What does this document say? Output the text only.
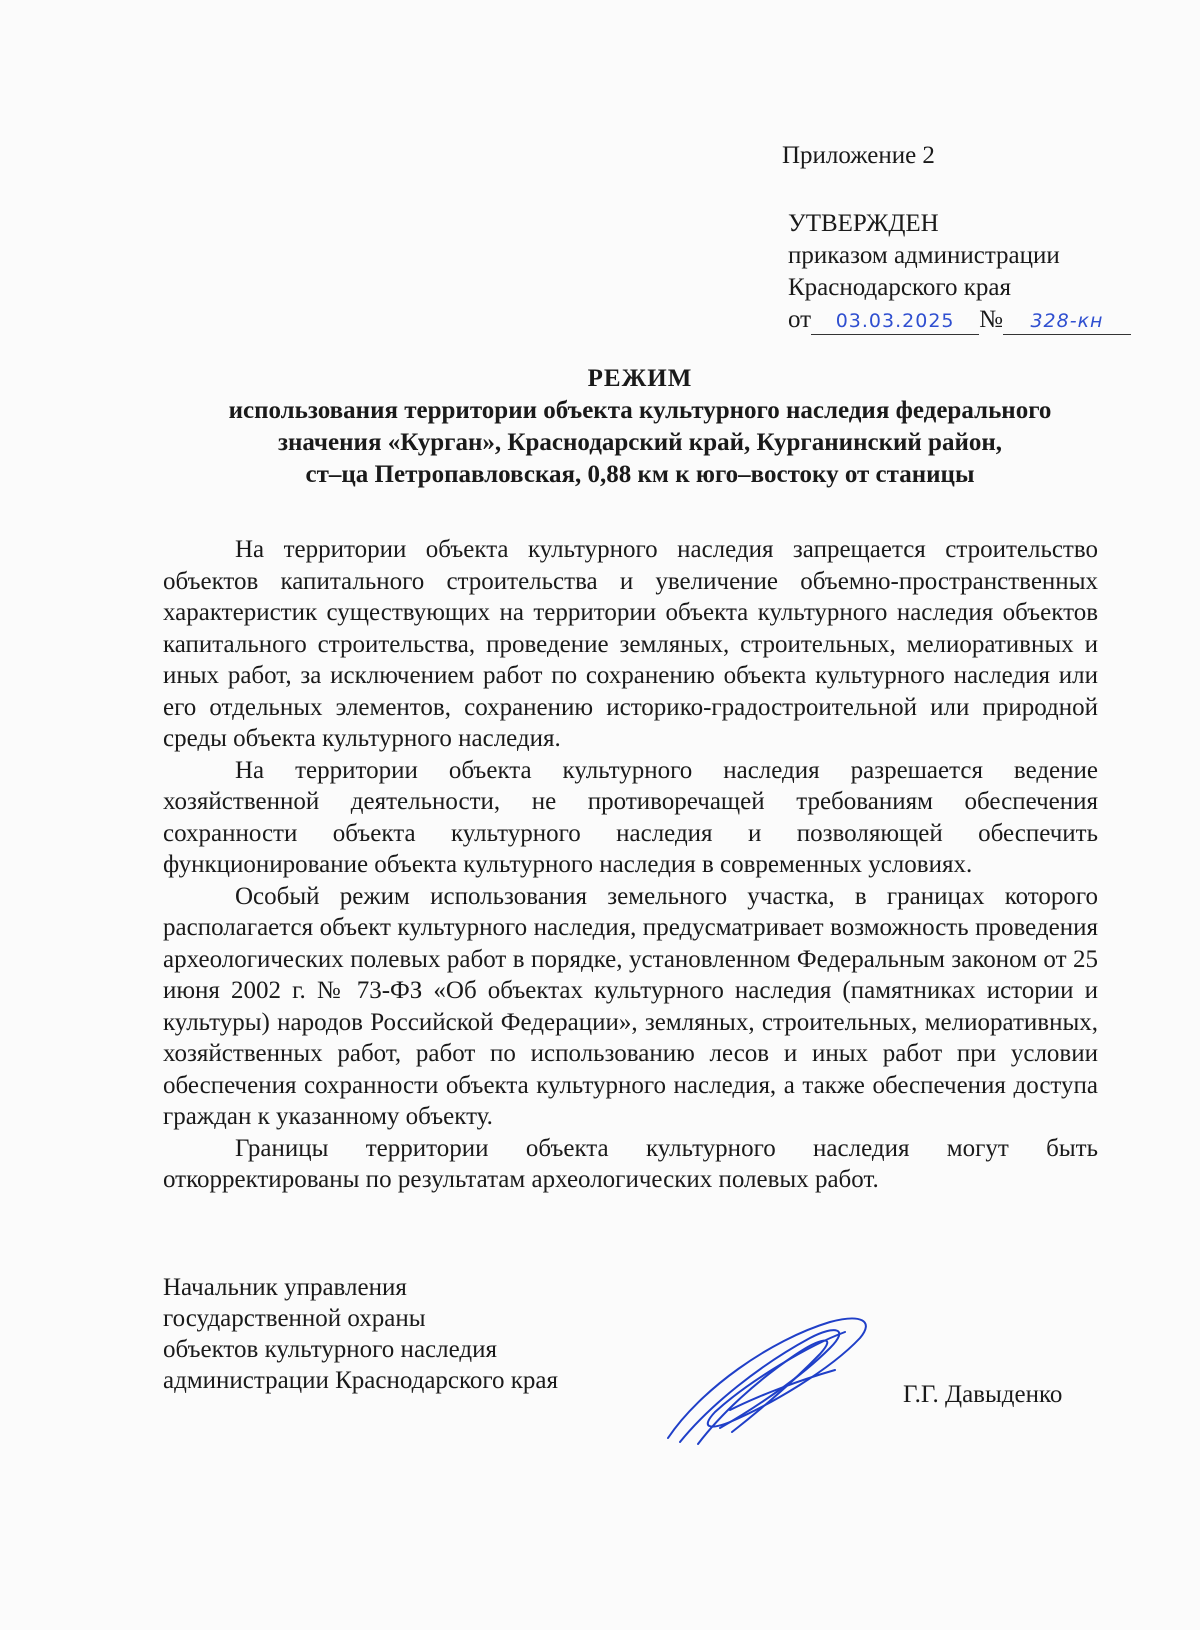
Приложение 2
УТВЕРЖДЕН
приказом администрации
Краснодарского края
от 03.03.2025 № 328-кн
РЕЖИМ
использования территории объекта культурного наследия федерального
значения «Курган», Краснодарский край, Курганинский район,
ст–ца Петропавловская, 0,88 км к юго–востоку от станицы

На территории объекта культурного наследия запрещается строительство объектов капитального строительства и увеличение объемно-пространственных характеристик существующих на территории объекта культурного наследия объектов капитального строительства, проведение земляных, строительных, мелиоративных и иных работ, за исключением работ по сохранению объекта культурного наследия или его отдельных элементов, сохранению историко-градостроительной или природной среды объекта культурного наследия.

На территории объекта культурного наследия разрешается ведение хозяйственной деятельности, не противоречащей требованиям обеспечения сохранности объекта культурного наследия и позволяющей обеспечить функционирование объекта культурного наследия в современных условиях.

Особый режим использования земельного участка, в границах которого располагается объект культурного наследия, предусматривает возможность проведения археологических полевых работ в порядке, установленном Федеральным законом от 25 июня 2002 г. № 73-ФЗ «Об объектах культурного наследия (памятниках истории и культуры) народов Российской Федерации», земляных, строительных, мелиоративных, хозяйственных работ, работ по использованию лесов и иных работ при условии обеспечения сохранности объекта культурного наследия, а также обеспечения доступа граждан к указанному объекту.

Границы территории объекта культурного наследия могут быть откорректированы по результатам археологических полевых работ.

Начальник управления
государственной охраны
объектов культурного наследия
администрации Краснодарского края
Г.Г. Давыденко
